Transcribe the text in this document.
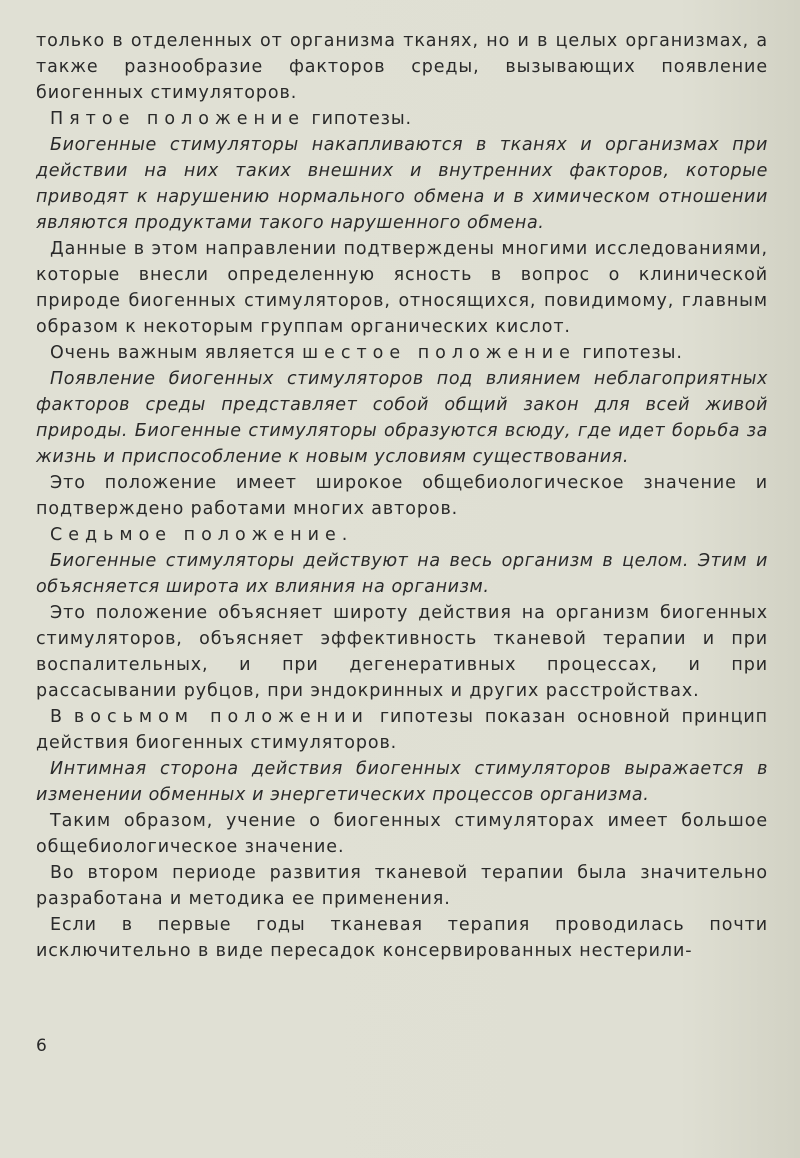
только в отделенных от организма тканях, но и в целых организмах, а также разнообразие факторов среды, вызывающих появление биогенных стимуляторов.

Пятое положение гипотезы.

Биогенные стимуляторы накапливаются в тканях и организмах при действии на них таких внешних и внутренних факторов, которые приводят к нарушению нормального обмена и в химическом отношении являются продуктами такого нарушенного обмена.

Данные в этом направлении подтверждены многими исследованиями, которые внесли определенную ясность в вопрос о клинической природе биогенных стимуляторов, относящихся, повидимому, главным образом к некоторым группам органических кислот.

Очень важным является шестое положение гипотезы.

Появление биогенных стимуляторов под влиянием неблагоприятных факторов среды представляет собой общий закон для всей живой природы. Биогенные стимуляторы образуются всюду, где идет борьба за жизнь и приспособление к новым условиям существования.

Это положение имеет широкое общебиологическое значение и подтверждено работами многих авторов.

Седьмое положение.

Биогенные стимуляторы действуют на весь организм в целом. Этим и объясняется широта их влияния на организм.

Это положение объясняет широту действия на организм биогенных стимуляторов, объясняет эффективность тканевой терапии и при воспалительных, и при дегенеративных процессах, и при рассасывании рубцов, при эндокринных и других расстройствах.

В восьмом положении гипотезы показан основной принцип действия биогенных стимуляторов.

Интимная сторона действия биогенных стимуляторов выражается в изменении обменных и энергетических процессов организма.

Таким образом, учение о биогенных стимуляторах имеет большое общебиологическое значение.

Во втором периоде развития тканевой терапии была значительно разработана и методика ее применения.

Если в первые годы тканевая терапия проводилась почти исключительно в виде пересадок консервированных нестерили-

6
